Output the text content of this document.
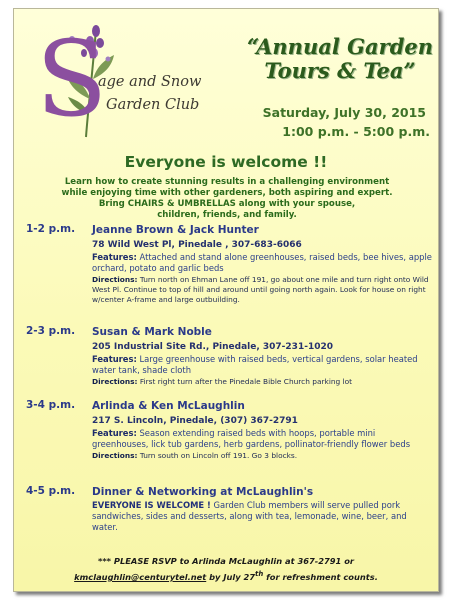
S
age and Snow
Garden Club
“Annual Garden
Tours & Tea”
Saturday, July 30, 2015
1:00 p.m. - 5:00 p.m.
Everyone is welcome !!
Learn how to create stunning results in a challenging environment
while enjoying time with other gardeners, both aspiring and expert.
Bring CHAIRS & UMBRELLAS along with your spouse,
children, friends, and family.
1-2 p.m.	Jeanne Brown & Jack Hunter
78 Wild West Pl, Pinedale , 307-683-6066
Features: Attached and stand alone greenhouses, raised beds, bee hives, apple orchard, potato and garlic beds
Directions: Turn north on Ehman Lane off 191, go about one mile and turn right onto Wild West Pl. Continue to top of hill and around until going north again. Look for house on right w/center A-frame and large outbuilding.
2-3 p.m.	Susan & Mark Noble
205 Industrial Site Rd., Pinedale, 307-231-1020
Features: Large greenhouse with raised beds, vertical gardens, solar heated water tank, shade cloth
Directions: First right turn after the Pinedale Bible Church parking lot
3-4 p.m.	Arlinda & Ken McLaughlin
217 S. Lincoln, Pinedale, (307) 367-2791
Features: Season extending raised beds with hoops, portable mini greenhouses, lick tub gardens, herb gardens, pollinator-friendly flower beds
Directions: Turn south on Lincoln off 191. Go 3 blocks.
4-5 p.m.	Dinner & Networking at McLaughlin's
EVERYONE IS WELCOME ! Garden Club members will serve pulled pork sandwiches, sides and desserts, along with tea, lemonade, wine, beer, and water.
*** PLEASE RSVP to Arlinda McLaughlin at 367-2791 or
kmclaughlin@centurytel.net by July 27th for refreshment counts.
